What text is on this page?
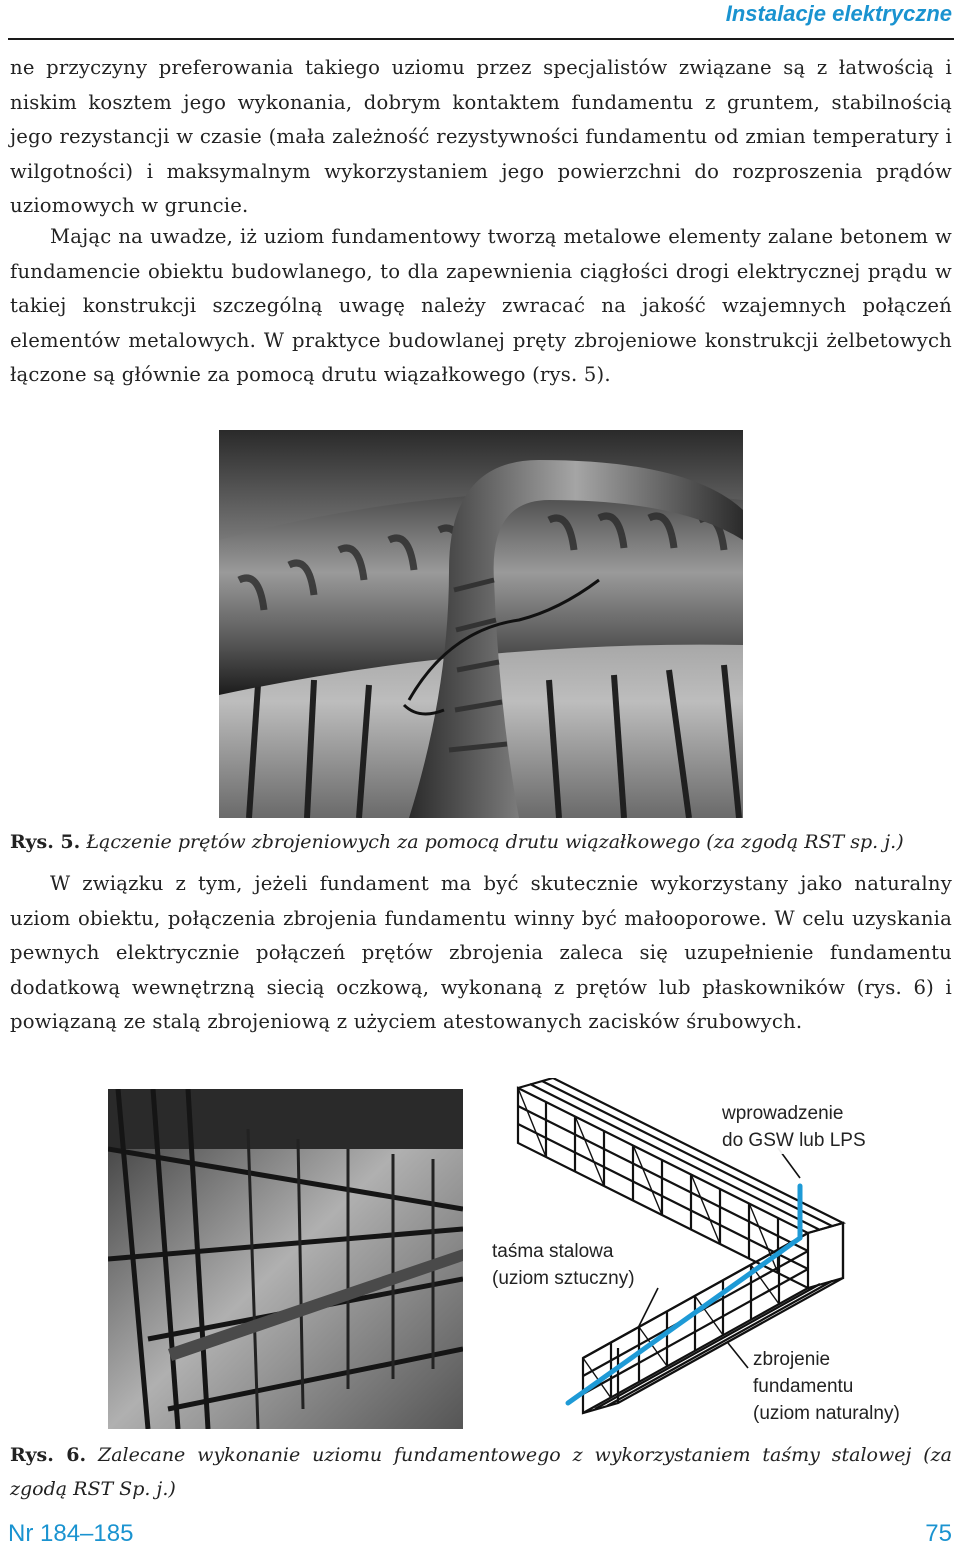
Instalacje elektryczne

ne przyczyny preferowania takiego uziomu przez specjalistów związane są z łatwością i niskim kosztem jego wykonania, dobrym kontaktem fundamentu z gruntem, stabilnością jego rezystancji w czasie (mała zależność rezystywności fundamentu od zmian temperatury i wilgotności) i maksymalnym wykorzystaniem jego powierzchni do rozproszenia prądów uziomowych w gruncie.

Mając na uwadze, iż uziom fundamentowy tworzą metalowe elementy zalane betonem w fundamencie obiektu budowlanego, to dla zapewnienia ciągłości drogi elektrycznej prądu w takiej konstrukcji szczególną uwagę należy zwracać na jakość wzajemnych połączeń elementów metalowych. W praktyce budowlanej pręty zbrojeniowe konstrukcji żelbetowych łączone są głównie za pomocą drutu wiązałkowego (rys. 5).

Rys. 5. Łączenie prętów zbrojeniowych za pomocą drutu wiązałkowego (za zgodą RST sp. j.)

W związku z tym, jeżeli fundament ma być skutecznie wykorzystany jako naturalny uziom obiektu, połączenia zbrojenia fundamentu winny być małooporowe. W celu uzyskania pewnych elektrycznie połączeń prętów zbrojenia zaleca się uzupełnienie fundamentu dodatkową wewnętrzną siecią oczkową, wykonaną z prętów lub płaskowników (rys. 6) i powiązaną ze stalą zbrojeniową z użyciem atestowanych zacisków śrubowych.

wprowadzenie
do GSW lub LPS
taśma stalowa
(uziom sztuczny)
zbrojenie
fundamentu
(uziom naturalny)

Rys. 6. Zalecane wykonanie uziomu fundamentowego z wykorzystaniem taśmy stalowej (za zgodą RST Sp. j.)

Nr 184–185	75
